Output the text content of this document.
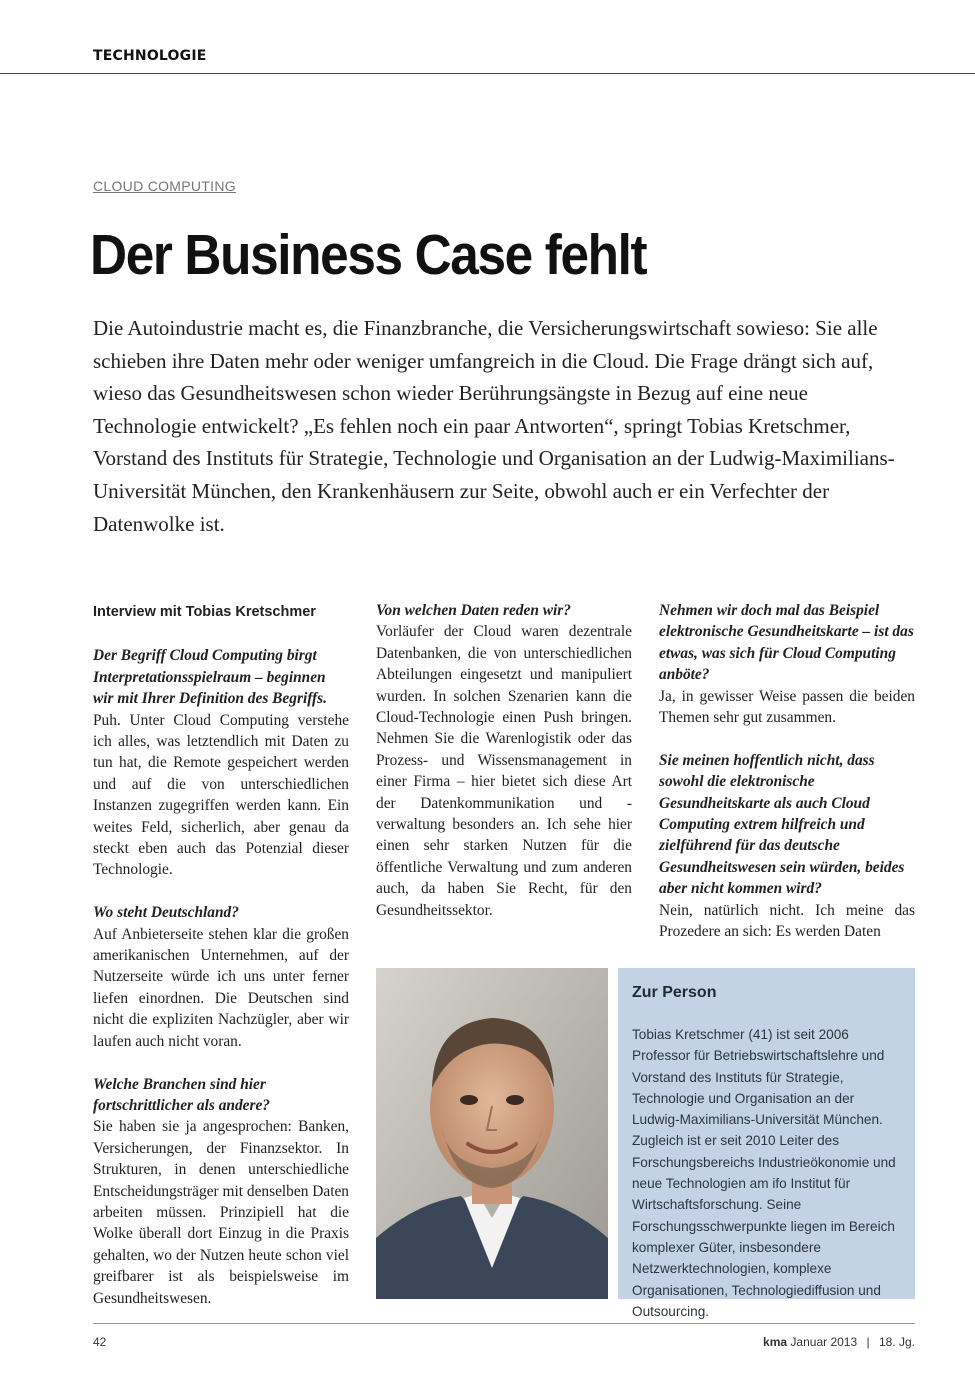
TECHNOLOGIE
CLOUD COMPUTING
Der Business Case fehlt
Die Autoindustrie macht es, die Finanzbranche, die Versicherungswirtschaft sowieso: Sie alle schieben ihre Daten mehr oder weniger umfangreich in die Cloud. Die Frage drängt sich auf, wieso das Gesundheitswesen schon wieder Berührungsängste in Bezug auf eine neue Technologie entwickelt? „Es fehlen noch ein paar Antworten“, springt Tobias Kretschmer, Vorstand des Instituts für Strategie, Technologie und Organisation an der Ludwig-Maximilians-Universität München, den Krankenhäusern zur Seite, obwohl auch er ein Verfechter der Datenwolke ist.
Interview mit Tobias Kretschmer

Der Begriff Cloud Computing birgt Interpretationsspielraum – beginnen wir mit Ihrer Definition des Begriffs.

Puh. Unter Cloud Computing verstehe ich alles, was letztendlich mit Daten zu tun hat, die Remote gespeichert werden und auf die von unterschiedlichen Instanzen zugegriffen werden kann. Ein weites Feld, sicherlich, aber genau da steckt eben auch das Potenzial dieser Technologie.

Wo steht Deutschland?

Auf Anbieterseite stehen klar die großen amerikanischen Unternehmen, auf der Nutzerseite würde ich uns unter ferner liefen einordnen. Die Deutschen sind nicht die expliziten Nachzügler, aber wir laufen auch nicht voran.

Welche Branchen sind hier fortschrittlicher als andere?

Sie haben sie ja angesprochen: Banken, Versicherungen, der Finanzsektor. In Strukturen, in denen unterschiedliche Entscheidungsträger mit denselben Daten arbeiten müssen. Prinzipiell hat die Wolke überall dort Einzug in die Praxis gehalten, wo der Nutzen heute schon viel greifbarer ist als beispielsweise im Gesundheitswesen.

Von welchen Daten reden wir?

Vorläufer der Cloud waren dezentrale Datenbanken, die von unterschiedlichen Abteilungen eingesetzt und manipuliert wurden. In solchen Szenarien kann die Cloud-Technologie einen Push bringen. Nehmen Sie die Warenlogistik oder das Prozess- und Wissensmanagement in einer Firma – hier bietet sich diese Art der Datenkommunikation und -verwaltung besonders an. Ich sehe hier einen sehr starken Nutzen für die öffentliche Verwaltung und zum anderen auch, da haben Sie Recht, für den Gesundheitssektor.

Nehmen wir doch mal das Beispiel elektronische Gesundheitskarte – ist das etwas, was sich für Cloud Computing anböte?

Ja, in gewisser Weise passen die beiden Themen sehr gut zusammen.

Sie meinen hoffentlich nicht, dass sowohl die elektronische Gesundheitskarte als auch Cloud Computing extrem hilfreich und zielführend für das deutsche Gesundheitswesen sein würden, beides aber nicht kommen wird?

Nein, natürlich nicht. Ich meine das Prozedere an sich: Es werden Daten

Zur Person
Tobias Kretschmer (41) ist seit 2006 Professor für Betriebswirtschaftslehre und Vorstand des Instituts für Strategie, Technologie und Organisation an der Ludwig-Maximilians-Universität München. Zugleich ist er seit 2010 Leiter des Forschungsbereichs Industrieökonomie und neue Technologien am ifo Institut für Wirtschaftsforschung. Seine Forschungsschwerpunkte liegen im Bereich komplexer Güter, insbesondere Netzwerktechnologien, komplexe Organisationen, Technologiediffusion und Outsourcing.
42	kma Januar 2013 | 18. Jg.
